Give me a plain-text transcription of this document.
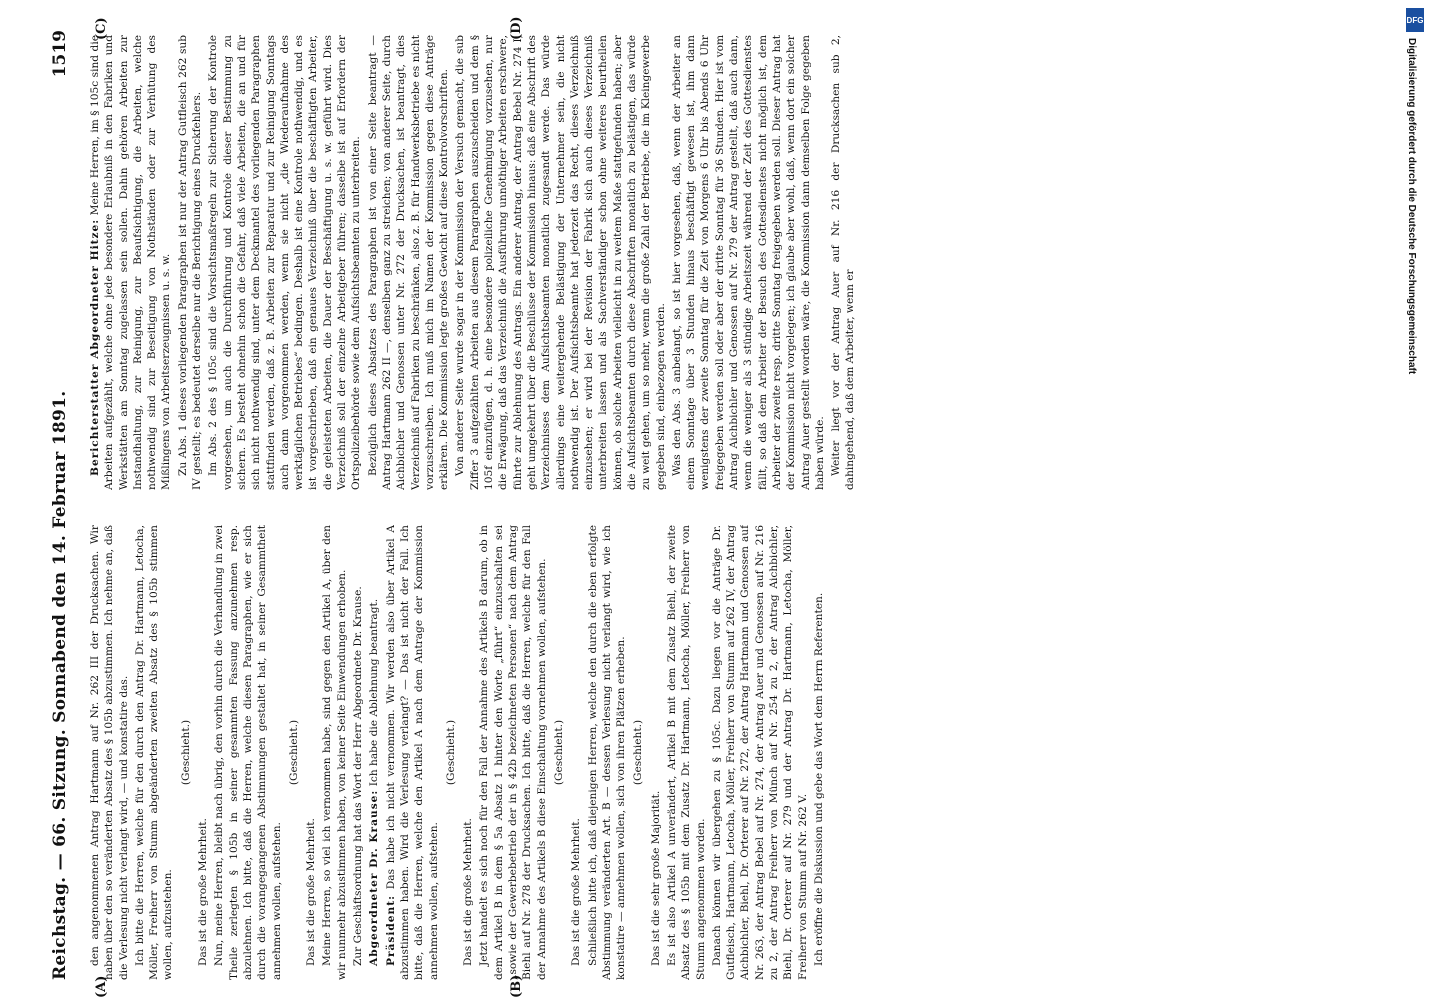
Reichstag. — 66. Sitzung. Sonnabend den 14. Februar 1891.
1519
(A)	(B)
(C)	(D)

den angenommenen Antrag Hartmann auf Nr. 262 III der Drucksachen. Wir haben über den so veränderten Absatz des § 105b abzustimmen. Ich nehme an, daß die Verlesung nicht verlangt wird, — und konstatire das. Ich bitte die Herren, welche für den durch den Antrag Dr. Hartmann, Letocha, Möller, Freiherr von Stumm abgeänderten zweiten Absatz des § 105b stimmen wollen, aufzustehen.

(Geschieht.)

Das ist die große Mehrheit. Nun, meine Herren, bleibt nach übrig, den vorhin durch die Verhandlung in zwei Theile zerlegten § 105b in seiner gesammten Fassung anzunehmen resp. abzulehnen. Ich bitte, daß die Herren, welche diesen Paragraphen, wie er sich durch die vorangegangenen Abstimmungen gestaltet hat, in seiner Gesammtheit annehmen wollen, aufstehen.

(Geschieht.)

Das ist die große Mehrheit. Meine Herren, so viel ich vernommen habe, sind gegen den Artikel A, über den wir nunmehr abzustimmen haben, von keiner Seite Einwendungen erhoben. Zur Geschäftsordnung hat das Wort der Herr Abgeordnete Dr. Krause. Abgeordneter Dr. Krause: Ich habe die Ablehnung beantragt.

Präsident: Das habe ich nicht vernommen. Wir werden also über Artikel A abzustimmen haben. Wird die Verlesung verlangt? — Das ist nicht der Fall. Ich bitte, daß die Herren, welche den Artikel A nach dem Antrage der Kommission annehmen wollen, aufstehen.

(Geschieht.)

Das ist die große Mehrheit. Jetzt handelt es sich noch für den Fall der Annahme des Artikels B darum, ob in dem Artikel B in dem § 5a Absatz 1 hinter den Worte „führt“ einzuschalten sei „sowie der Gewerbebetrieb der in § 42b bezeichneten Personen“ nach dem Antrag Biehl auf Nr. 278 der Drucksachen. Ich bitte, daß die Herren, welche für den Fall der Annahme des Artikels B diese Einschaltung vornehmen wollen, aufstehen. (Geschieht.)

Das ist die große Mehrheit. Schließlich bitte ich, daß diejenigen Herren, welche den durch die eben erfolgte Abstimmung veränderten Art. B — dessen Verlesung nicht verlangt wird, wie ich konstatire — annehmen wollen, sich von ihren Plätzen erheben. (Geschieht.)

Das ist die sehr große Majorität. Es ist also Artikel A unverändert, Artikel B mit dem Zusatz Biehl, der zweite Absatz des § 105b mit dem Zusatz Dr. Hartmann, Letocha, Möller, Freiherr von Stumm angenommen worden. Danach können wir übergehen zu § 105c. Dazu liegen vor die Anträge Dr. Gutfleisch, Hartmann, Letocha, Möller, Freiherr von Stumm auf 262 IV, der Antrag Aichbichler, Biehl, Dr. Orterer auf Nr. 272, der Antrag Hartmann und Genossen auf Nr. 263, der Antrag Bebel auf Nr. 274, der Antrag Auer und Genossen auf Nr. 216 zu 2, der Antrag Freiherr von Münch auf Nr. 254 zu 2, der Antrag Aichbichler, Biehl, Dr. Orterer auf Nr. 279 und der Antrag Dr. Hartmann, Letocha, Möller, Freiherr von Stumm auf Nr. 262 V. Ich eröffne die Diskussion und gebe das Wort dem Herrn Referenten.

Berichterstatter Abgeordneter Hitze: Meine Herren, im § 105c sind die Arbeiten aufgezählt, welche ohne jede besondere Erlaubniß in den Fabriken und Werkstätten am Sonntag zugelassen sein sollen. Dahin gehören Arbeiten zur Instandhaltung, zur Reinigung, zur Beaufsichtigung, die Arbeiten, welche nothwendig sind zur Beseitigung von Nothständen oder zur Verhütung des Mißlingens von Arbeitserzeugnissen u. s. w. Zu Abs. 1 dieses vorliegenden Paragraphen ist nur der Antrag Gutfleisch 262 sub IV gestellt; es bedeutet derselbe nur die Berichtigung eines Druckfehlers. Im Abs. 2 des § 105c sind die Vorsichtsmaßregeln zur Sicherung der Kontrole vorgesehen, um auch die Durchführung und Kontrole dieser Bestimmung zu sichern. Es besteht ohnehin schon die Gefahr, daß viele Arbeiten, die an und für sich nicht nothwendig sind, unter dem Deckmantel des vorliegenden Paragraphen stattfinden werden, daß z. B. Arbeiten zur Reparatur und zur Reinigung Sonntags auch dann vorgenommen werden, wenn sie nicht „die Wiederaufnahme des werktäglichen Betriebes“ bedingen. Deshalb ist eine Kontrole nothwendig, und es ist vorgeschrieben, daß ein genaues Verzeichniß über die beschäftigten Arbeiter, die geleisteten Arbeiten, die Dauer der Beschäftigung u. s. w. geführt wird. Dies Verzeichniß soll der einzelne Arbeitgeber führen; dasselbe ist auf Erfordern der Ortspolizeibehörde sowie dem Aufsichtsbeamten zu unterbreiten. Bezüglich dieses Absatzes des Paragraphen ist von einer Seite beantragt — Antrag Hartmann 262 II —, denselben ganz zu streichen; von anderer Seite, durch Aichbichler und Genossen unter Nr. 272 der Drucksachen, ist beantragt, dies Verzeichniß auf Fabriken zu beschränken, also z. B. für Handwerksbetriebe es nicht vorzuschreiben. Ich muß mich im Namen der Kommission gegen diese Anträge erklären. Die Kommission legte großes Gewicht auf diese Kontrolvorschriften. Von anderer Seite wurde sogar in der Kommission der Versuch gemacht, die sub Ziffer 3 aufgezählten Arbeiten aus diesem Paragraphen auszuscheiden und dem § 105f einzufügen, d. h. eine besondere polizeiliche Genehmigung vorzusehen, nur die Erwägung, daß das Verzeichniß die Ausführung unnöthiger Arbeiten erschwere, führte zur Ablehnung des Antrags. Ein anderer Antrag, der Antrag Bebel Nr. 274 I, geht umgekehrt über die Beschlüsse der Kommission hinaus: daß eine Abschrift des Verzeichnisses dem Aufsichtsbeamten monatlich zugesandt werde. Das würde allerdings eine weitergehende Belästigung der Unternehmer sein, die nicht nothwendig ist. Der Aufsichtsbeamte hat jederzeit das Recht, dieses Verzeichniß einzusehen; er wird bei der Revision der Fabrik sich auch dieses Verzeichniß unterbreiten lassen und als Sachverständiger schon ohne weiteres beurtheilen können, ob solche Arbeiten vielleicht in zu weitem Maße stattgefunden haben; aber die Aufsichtsbeamten durch diese Abschriften monatlich zu belästigen, das würde zu weit gehen, um so mehr, wenn die große Zahl der Betriebe, die im Kleingewerbe gegeben sind, einbezogen werden. Was den Abs. 3 anbelangt, so ist hier vorgesehen, daß, wenn der Arbeiter an einem Sonntage über 3 Stunden hinaus beschäftigt gewesen ist, ihm dann wenigstens der zweite Sonntag für die Zeit von Morgens 6 Uhr bis Abends 6 Uhr freigegeben werden soll oder aber der dritte Sonntag für 36 Stunden. Hier ist vom Antrag Aichbichler und Genossen auf Nr. 279 der Antrag gestellt, daß auch dann, wenn die weniger als 3 stündige Arbeitszeit während der Zeit des Gottesdienstes fällt, so daß dem Arbeiter der Besuch des Gottesdienstes nicht möglich ist, dem Arbeiter der zweite resp. dritte Sonntag freigegeben werden soll. Dieser Antrag hat der Kommission nicht vorgelegen; ich glaube aber wohl, daß, wenn dort ein solcher Antrag Auer gestellt worden wäre, die Kommission dann demselben Folge gegeben haben würde. Weiter liegt vor der Antrag Auer auf Nr. 216 der Drucksachen sub 2, dahingehend, daß dem Arbeiter, wenn er

DFG
Digitalisierung gefördert durch die Deutsche Forschungsgemeinschaft
